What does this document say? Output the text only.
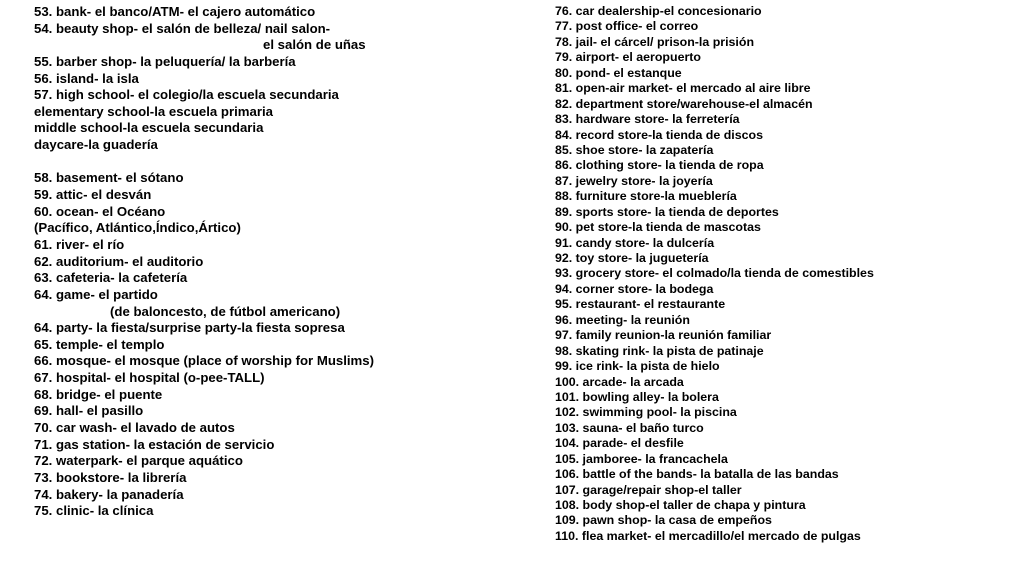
53. bank- el banco/ATM- el cajero automático
54. beauty shop- el salón de belleza/ nail salon-
el salón de uñas
55. barber shop- la peluquería/ la barbería
56. island- la isla
57. high school- el colegio/la escuela secundaria
elementary school-la escuela primaria
middle school-la escuela secundaria
daycare-la guadería
58. basement- el sótano
59. attic- el desván
60. ocean- el Océano
(Pacífico, Atlántico,Índico,Ártico)
61. river- el río
62. auditorium- el auditorio
63. cafeteria- la cafetería
64. game- el partido
(de baloncesto, de fútbol americano)
64. party- la fiesta/surprise party-la fiesta sopresa
65. temple- el templo
66. mosque- el mosque (place of worship for Muslims)
67. hospital- el hospital (o-pee-TALL)
68. bridge- el puente
69. hall- el pasillo
70. car wash- el lavado de autos
71. gas station- la estación de servicio
72. waterpark- el parque aquático
73. bookstore- la librería
74. bakery- la panadería
75. clinic- la clínica
76. car dealership-el concesionario
77. post office- el correo
78. jail- el cárcel/ prison-la prisión
79. airport- el aeropuerto
80. pond- el estanque
81. open-air market- el mercado al aire libre
82. department store/warehouse-el almacén
83. hardware store- la ferretería
84. record store-la tienda de discos
85. shoe store- la zapatería
86. clothing store- la tienda de ropa
87. jewelry store- la joyería
88. furniture store-la mueblería
89. sports store- la tienda de deportes
90. pet store-la tienda de mascotas
91. candy store- la dulcería
92. toy store- la juguetería
93. grocery store- el colmado/la tienda de comestibles
94. corner store- la bodega
95. restaurant- el restaurante
96. meeting- la reunión
97. family reunion-la reunión familiar
98. skating rink- la pista de patinaje
99. ice rink- la pista de hielo
100. arcade- la arcada
101. bowling alley- la bolera
102. swimming pool- la piscina
103. sauna- el baño turco
104. parade- el desfile
105. jamboree- la francachela
106. battle of the bands- la batalla de las bandas
107. garage/repair shop-el taller
108. body shop-el taller de chapa y pintura
109. pawn shop- la casa de empeños
110. flea market- el mercadillo/el mercado de pulgas
